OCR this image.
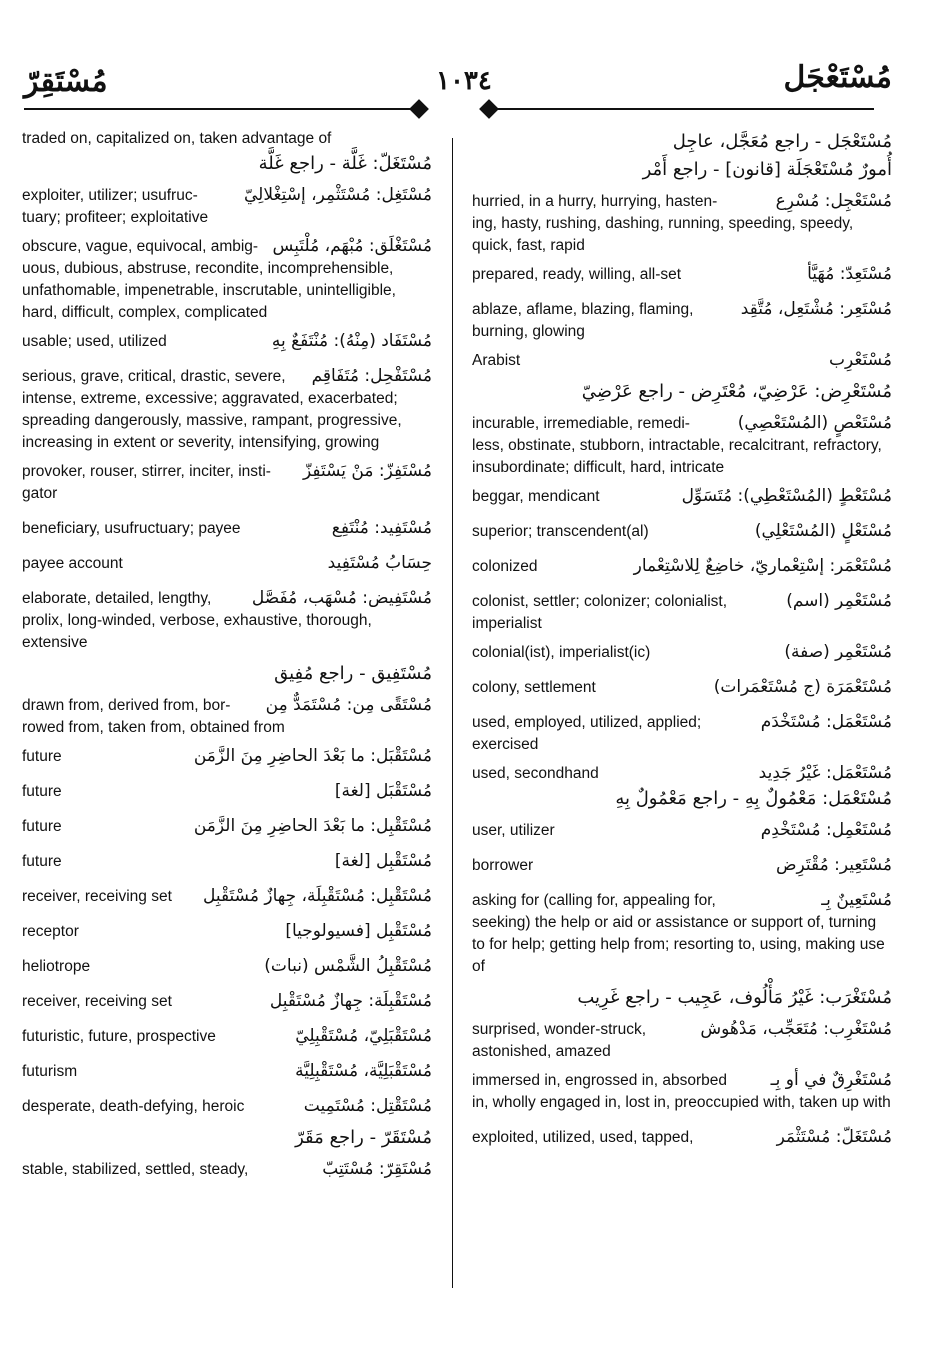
مُسْتَقِرّ	١٠٣٤	مُسْتَعْجَل
traded on, capitalized on, taken advantage of
مُسْتَغَلّ: غَلَّة - راجع غَلَّة
exploiter, utilizer; usufruc-	مُسْتَغِل: مُسْتَثْمِر، إسْتِغْلالِيّ
tuary; profiteer; exploitative
obscure, vague, equivocal, ambig- مُسْتَغْلَق: مُبْهَم، مُلْتَبِس
uous, dubious, abstruse, recondite, incomprehensible, unfathomable, impenetrable, inscrutable, unintelligible, hard, difficult, complex, complicated
usable; used, utilized	مُسْتَفَاد (مِنْهُ): مُنْتَفَعٌ بِهِ
serious, grave, critical, drastic, severe,	مُسْتَفْحِل: مُتَفَاقِم
intense, extreme, excessive; aggravated, exacerbated; spreading dangerously, massive, rampant, progressive, increasing in extent or severity, intensifying, growing
provoker, rouser, stirrer, inciter, insti-	مُسْتَفِزّ: مَنْ يَسْتَفِزّ
gator
beneficiary, usufructuary; payee	مُسْتَفِيد: مُنْتَفِع
payee account	حِسَابُ مُسْتَفِيد
elaborate, detailed, lengthy,	مُسْتَفِيض: مُسْهَب، مُفَصَّل
prolix, long-winded, verbose, exhaustive, thorough, extensive
مُسْتَفِيق - راجع مُفِيق
drawn from, derived from, bor-	مُسْتَقًى مِن: مُسْتَمَدٌّ مِن
rowed from, taken from, obtained from
future	مُسْتَقْبَل: ما بَعْدَ الحاضِرِ مِنَ الزَّمَن
future	مُسْتَقْبَل [لغة]
future	مُسْتَقْبِل: ما بَعْدَ الحاضِرِ مِنَ الزَّمَن
future	مُسْتَقْبِل [لغة]
receiver, receiving set	مُسْتَقْبِل: مُسْتَقْبِلَة، جِهازٌ مُسْتَقْبِل
receptor	مُسْتَقْبِل [فسيولوجيا]
heliotrope	مُسْتَقْبِلُ الشَّمْس (نبات)
receiver, receiving set	مُسْتَقْبِلَة: جِهازٌ مُسْتَقْبِل
futuristic, future, prospective	مُسْتَقْبَلِيّ، مُسْتَقْبِلِيّ
futurism	مُسْتَقْبَلِيَّة، مُسْتَقْبِلِيَّة
desperate, death-defying, heroic	مُسْتَقْتِل: مُسْتَمِيت
مُسْتَقَرّ - راجع مَقَرّ
stable, stabilized, settled, steady,	مُسْتَقِرّ: مُسْتَتِبّ
مُسْتَعْجَل - راجع مُعَجَّل، عاجِل
أُمورٌ مُسْتَعْجَلَة [قانون] - راجع أَمْر
hurried, in a hurry, hurrying, hasten-	مُسْتَعْجِل: مُسْرِع
ing, hasty, rushing, dashing, running, speeding, speedy, quick, fast, rapid
prepared, ready, willing, all-set	مُسْتَعِدّ: مُهَيَّأ
ablaze, aflame, blazing, flaming,	مُسْتَعِر: مُشْتَعِل، مُتَّقِد
burning, glowing
Arabist	مُسْتَعْرِب
مُسْتَعْرِض: عَرْضِيّ، مُعْتَرِض - راجع عَرْضِيّ
incurable, irremediable, remedi-	مُسْتَعْصٍ (المُسْتَعْصِي)
less, obstinate, stubborn, intractable, recalcitrant, refractory, insubordinate; difficult, hard, intricate
beggar, mendicant	مُسْتَعْطٍ (المُسْتَعْطِي): مُتَسَوِّل
superior; transcendent(al)	مُسْتَعْلٍ (المُسْتَعْلِي)
colonized	مُسْتَعْمَر: إسْتِعْماريّ، خاضِعٌ لِلاسْتِعْمار
colonist, settler; colonizer; colonialist,	مُسْتَعْمِر (اسم)
imperialist
colonial(ist), imperialist(ic)	مُسْتَعْمِر (صفة)
colony, settlement	مُسْتَعْمَرَة (ج مُسْتَعْمَرات)
used, employed, utilized, applied;	مُسْتَعْمَل: مُسْتَخْدَم
exercised
used, secondhand	مُسْتَعْمَل: غَيْرُ جَدِيد
مُسْتَعْمَل: مَعْمُولٌ بِهِ - راجع مَعْمُولٌ بِهِ
user, utilizer	مُسْتَعْمِل: مُسْتَخْدِم
borrower	مُسْتَعِير: مُقْتَرِض
asking for (calling for, appealing for,	مُسْتَعِينٌ بِـ
seeking) the help or aid or assistance or support of, turning to for help; getting help from; resorting to, using, making use of
مُسْتَغْرَب: غَيْرُ مَأْلُوف، عَجِيب - راجع غَرِيب
surprised, wonder-struck,	مُسْتَغْرِب: مُتَعَجِّب، مَدْهُوش
astonished, amazed
immersed in, engrossed in, absorbed	مُسْتَغْرِقٌ في أو بِـ
in, wholly engaged in, lost in, preoccupied with, taken up with
exploited, utilized, used, tapped,	مُسْتَغَلّ: مُسْتَثْمَر
